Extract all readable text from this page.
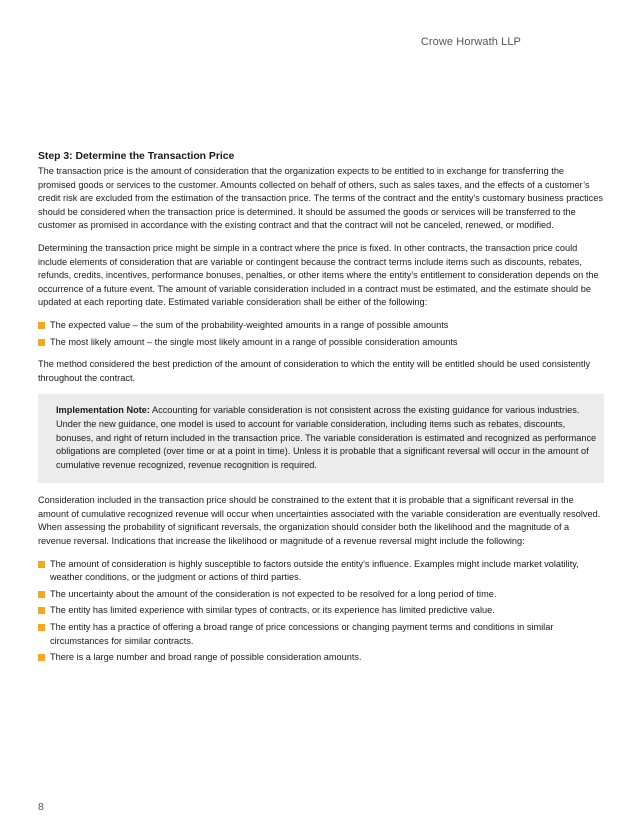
Crowe Horwath LLP
Step 3: Determine the Transaction Price

The transaction price is the amount of consideration that the organization expects to be entitled to in exchange for transferring the promised goods or services to the customer. Amounts collected on behalf of others, such as sales taxes, and the effects of a customer’s credit risk are excluded from the estimation of the transaction price. The terms of the contract and the entity’s customary business practices should be considered when the transaction price is determined. It should be assumed the goods or services will be transferred to the customer as promised in accordance with the existing contract and that the contract will not be canceled, renewed, or modified.

Determining the transaction price might be simple in a contract where the price is fixed. In other contracts, the transaction price could include elements of consideration that are variable or contingent because the contract terms include items such as discounts, rebates, refunds, credits, incentives, performance bonuses, penalties, or other items where the entity’s entitlement to consideration depends on the occurrence of a future event. The amount of variable consideration included in a contract must be estimated, and the estimate should be updated at each reporting date. Estimated variable consideration shall be either of the following:

The expected value – the sum of the probability-weighted amounts in a range of possible amounts
The most likely amount – the single most likely amount in a range of possible consideration amounts

The method considered the best prediction of the amount of consideration to which the entity will be entitled should be used consistently throughout the contract.

Implementation Note: Accounting for variable consideration is not consistent across the existing guidance for various industries. Under the new guidance, one model is used to account for variable consideration, including items such as rebates, discounts, bonuses, and right of return included in the transaction price. The variable consideration is estimated and recognized as performance obligations are completed (over time or at a point in time). Unless it is probable that a significant reversal will occur in the amount of cumulative revenue recognized, revenue recognition is required.

Consideration included in the transaction price should be constrained to the extent that it is probable that a significant reversal in the amount of cumulative recognized revenue will occur when uncertainties associated with the variable consideration are eventually resolved. When assessing the probability of significant reversals, the organization should consider both the likelihood and the magnitude of a revenue reversal. Indications that increase the likelihood or magnitude of a revenue reversal might include the following:

The amount of consideration is highly susceptible to factors outside the entity’s influence. Examples might include market volatility, weather conditions, or the judgment or actions of third parties.
The uncertainty about the amount of the consideration is not expected to be resolved for a long period of time.
The entity has limited experience with similar types of contracts, or its experience has limited predictive value.
The entity has a practice of offering a broad range of price concessions or changing payment terms and conditions in similar circumstances for similar contracts.
There is a large number and broad range of possible consideration amounts.
8
